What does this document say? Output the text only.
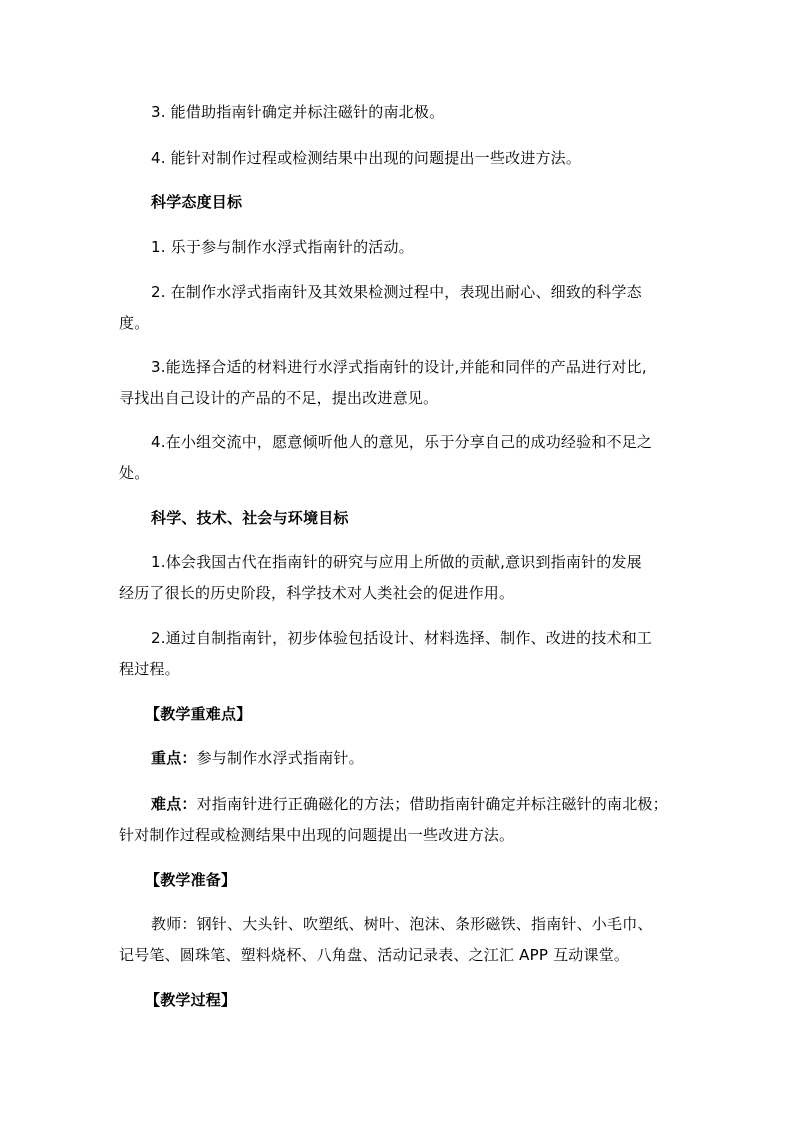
3. 能借助指南针确定并标注磁针的南北极。
4. 能针对制作过程或检测结果中出现的问题提出一些改进方法。
科学态度目标
1. 乐于参与制作水浮式指南针的活动。
2. 在制作水浮式指南针及其效果检测过程中，表现出耐心、细致的科学态
度。
3.能选择合适的材料进行水浮式指南针的设计,并能和同伴的产品进行对比,
寻找出自己设计的产品的不足，提出改进意见。
4.在小组交流中，愿意倾听他人的意见，乐于分享自己的成功经验和不足之
处。
科学、技术、社会与环境目标
1.体会我国古代在指南针的研究与应用上所做的贡献,意识到指南针的发展
经历了很长的历史阶段，科学技术对人类社会的促进作用。
2.通过自制指南针，初步体验包括设计、材料选择、制作、改进的技术和工
程过程。
【教学重难点】
重点：参与制作水浮式指南针。
难点：对指南针进行正确磁化的方法；借助指南针确定并标注磁针的南北极；
针对制作过程或检测结果中出现的问题提出一些改进方法。
【教学准备】
教师：钢针、大头针、吹塑纸、树叶、泡沫、条形磁铁、指南针、小毛巾、
记号笔、圆珠笔、塑料烧杯、八角盘、活动记录表、之江汇 APP 互动课堂。
【教学过程】
